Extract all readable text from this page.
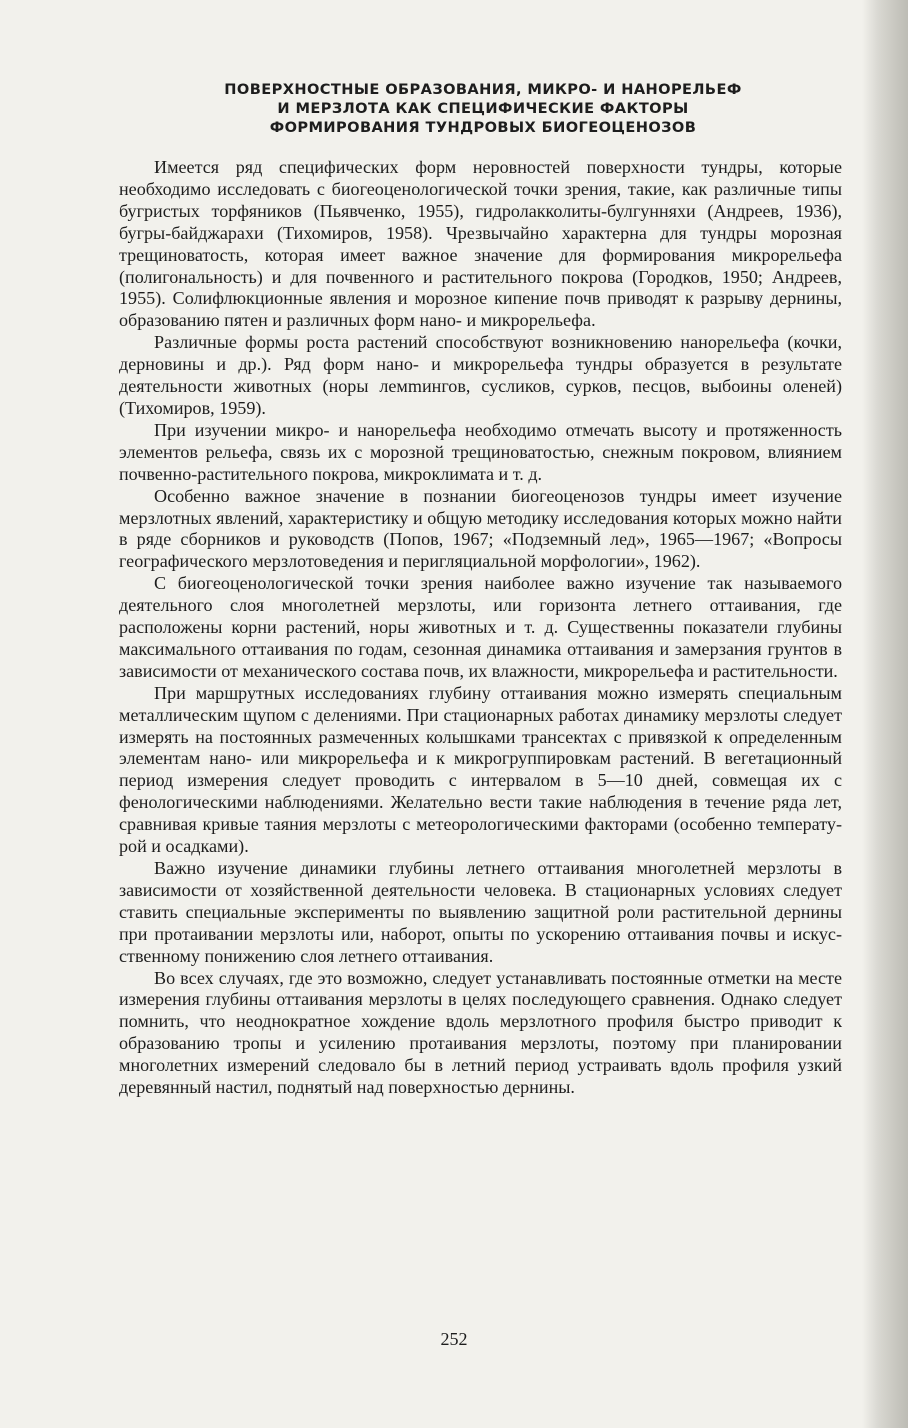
ПОВЕРХНОСТНЫЕ ОБРАЗОВАНИЯ, МИКРО- И НАНОРЕЛЬЕФ
И МЕРЗЛОТА КАК СПЕЦИФИЧЕСКИЕ ФАКТОРЫ
ФОРМИРОВАНИЯ ТУНДРОВЫХ БИОГЕОЦЕНОЗОВ

Имеется ряд специфических форм неровностей поверхности тундры, которые необходимо исследовать с биогеоценологической точки зрения, такие, как различные типы бугристых торфяников (Пьявченко, 1955), гидролакколиты-булгунняхи (Андреев, 1936), бугры-байджарахи (Тихомиров, 1958). Чрезвычайно характерна для тундры морозная трещиноватость, которая имеет важное значение для формирования микрорельефа (полигональность) и для почвенного и растительного покрова (Городков, 1950; Андреев, 1955). Солифлюкционные явления и морозное кипение почв приводят к разрыву дернины, образованию пятен и различных форм нано- и микрорельефа.

Различные формы роста растений способствуют возникновению нанорельефа (кочки, дерновины и др.). Ряд форм нано- и микрорельефа тундры образуется в результате деятельности животных (норы лемmингов, сусликов, сурков, песцов, выбоины оленей) (Тихомиров, 1959).

При изучении микро- и нанорельефа необходимо отмечать высоту и протяженность элементов рельефа, связь их с морозной трещиноватостью, снежным покровом, влиянием почвенно-растительного покрова, микроклимата и т. д.

Особенно важное значение в познании биогеоценозов тундры имеет изучение мерзлотных явлений, характеристику и общую методику исследования которых можно найти в ряде сборников и руководств (Попов, 1967; «Подземный лед», 1965—1967; «Вопросы географического мерзлотоведения и перигляциальной морфологии», 1962).

С биогеоценологической точки зрения наиболее важно изучение так называемого деятельного слоя многолетней мерзлоты, или горизонта летнего оттаивания, где расположены корни растений, норы животных и т. д. Существенны показатели глубины максимального оттаивания по годам, сезонная динамика оттаивания и замерзания грунтов в зависимости от механического состава почв, их влажности, микрорельефа и растительности.

При маршрутных исследованиях глубину оттаивания можно измерять специальным металлическим щупом с делениями. При стационарных работах динамику мерзлоты следует измерять на постоянных размеченных колышками трансектах с привязкой к определенным элементам нано- или микрорельефа и к микрогруппировкам растений. В вегетационный период измерения следует проводить с интервалом в 5—10 дней, совмещая их с фенологическими наблюдениями. Желательно вести такие наблюдения в течение ряда лет, сравнивая кривые таяния мерзлоты с метеорологическими факторами (особенно температурой и осадками).

Важно изучение динамики глубины летнего оттаивания многолетней мерзлоты в зависимости от хозяйственной деятельности человека. В стационарных условиях следует ставить специальные эксперименты по выявлению защитной роли растительной дернины при протаивании мерзлоты или, наборот, опыты по ускорению оттаивания почвы и искусственному понижению слоя летнего оттаивания.

Во всех случаях, где это возможно, следует устанавливать постоянные отметки на месте измерения глубины оттаивания мерзлоты в целях последующего сравнения. Однако следует помнить, что неоднократное хождение вдоль мерзлотного профиля быстро приводит к образованию тропы и усилению протаивания мерзлоты, поэтому при планировании многолетних измерений следовало бы в летний период устраивать вдоль профиля узкий деревянный настил, поднятый над поверхностью дернины.

252
